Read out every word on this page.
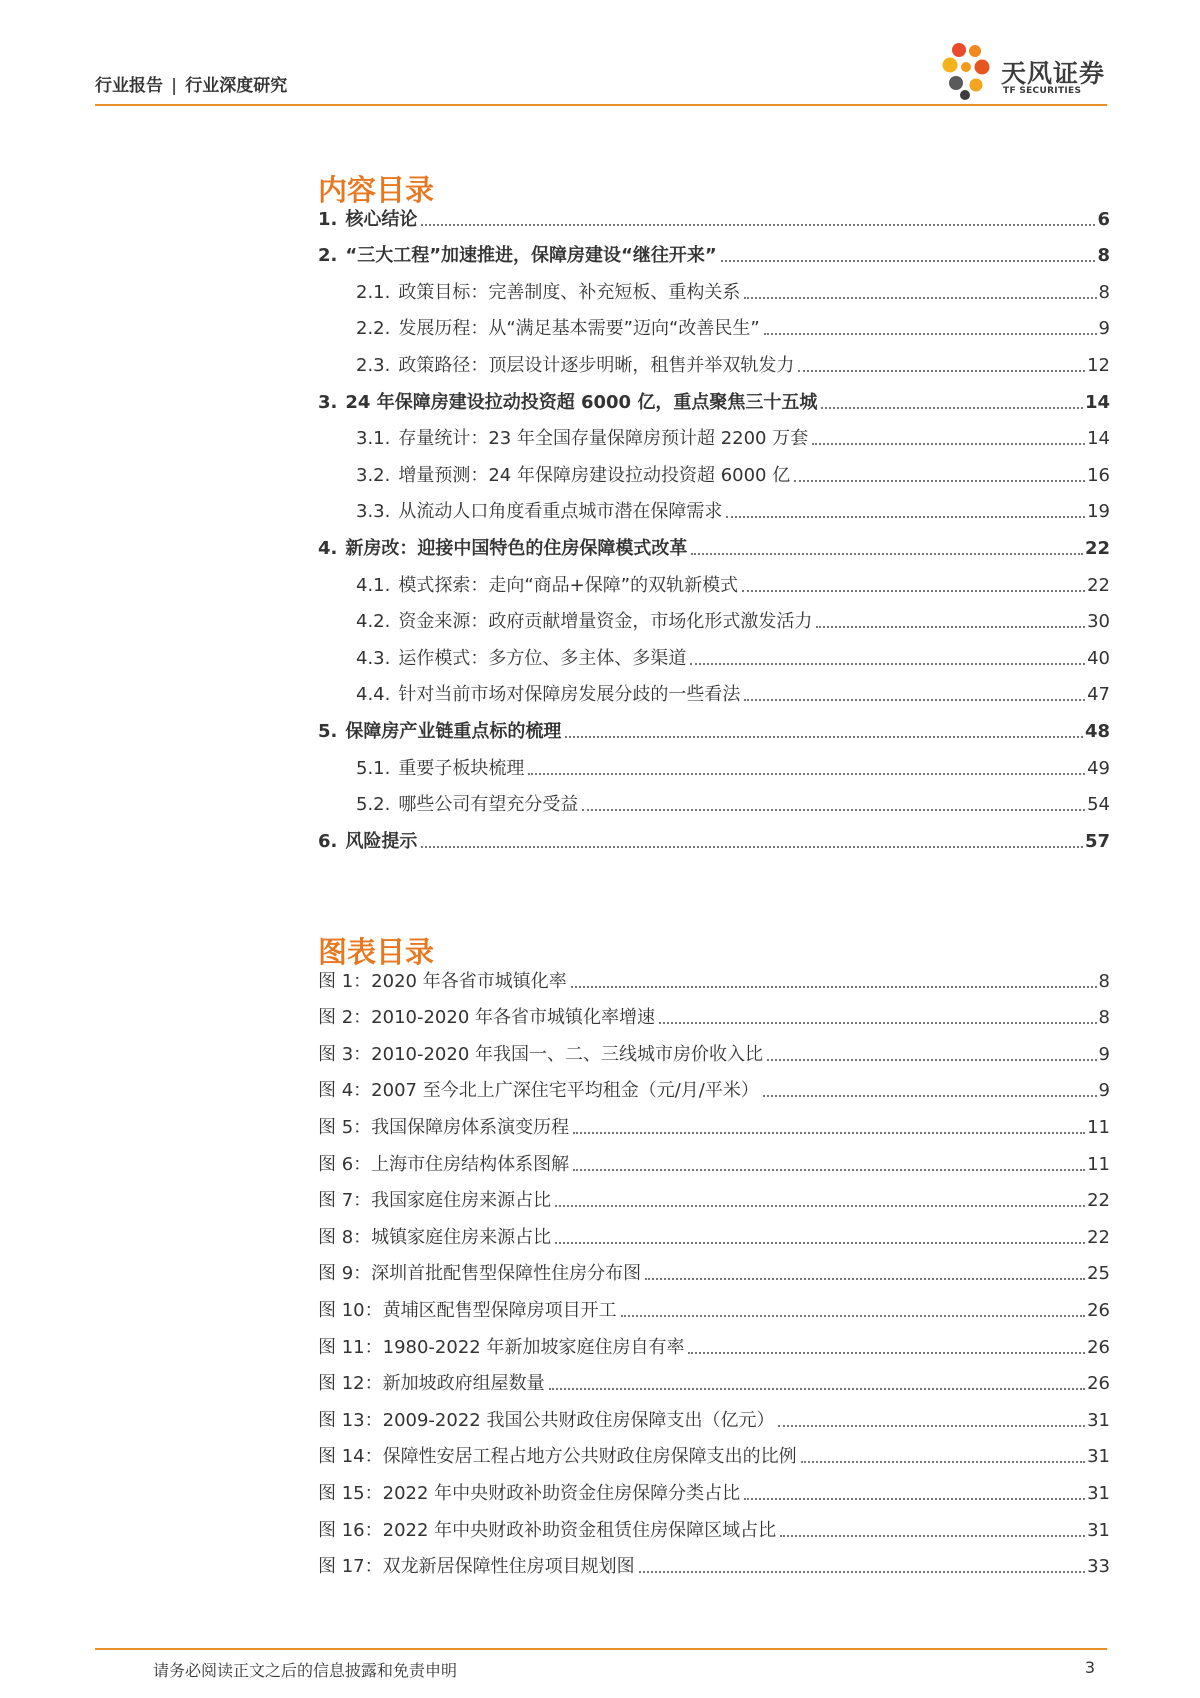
行业报告 | 行业深度研究	天风证券
TF SECURITIES
内容目录
1. 核心结论	6
2. “三大工程”加速推进，保障房建设“继往开来”	8
2.1. 政策目标：完善制度、补充短板、重构关系	8
2.2. 发展历程：从“满足基本需要”迈向“改善民生”	9
2.3. 政策路径：顶层设计逐步明晰，租售并举双轨发力	12
3. 24 年保障房建设拉动投资超 6000 亿，重点聚焦三十五城	14
3.1. 存量统计：23 年全国存量保障房预计超 2200 万套	14
3.2. 增量预测：24 年保障房建设拉动投资超 6000 亿	16
3.3. 从流动人口角度看重点城市潜在保障需求	19
4. 新房改：迎接中国特色的住房保障模式改革	22
4.1. 模式探索：走向“商品+保障”的双轨新模式	22
4.2. 资金来源：政府贡献增量资金，市场化形式激发活力	30
4.3. 运作模式：多方位、多主体、多渠道	40
4.4. 针对当前市场对保障房发展分歧的一些看法	47
5. 保障房产业链重点标的梳理	48
5.1. 重要子板块梳理	49
5.2. 哪些公司有望充分受益	54
6. 风险提示	57
图表目录
图 1：2020 年各省市城镇化率	8
图 2：2010-2020 年各省市城镇化率增速	8
图 3：2010-2020 年我国一、二、三线城市房价收入比	9
图 4：2007 至今北上广深住宅平均租金（元/月/平米）	9
图 5：我国保障房体系演变历程	11
图 6：上海市住房结构体系图解	11
图 7：我国家庭住房来源占比	22
图 8：城镇家庭住房来源占比	22
图 9：深圳首批配售型保障性住房分布图	25
图 10：黄埔区配售型保障房项目开工	26
图 11：1980-2022 年新加坡家庭住房自有率	26
图 12：新加坡政府组屋数量	26
图 13：2009-2022 我国公共财政住房保障支出（亿元）	31
图 14：保障性安居工程占地方公共财政住房保障支出的比例	31
图 15：2022 年中央财政补助资金住房保障分类占比	31
图 16：2022 年中央财政补助资金租赁住房保障区域占比	31
图 17：双龙新居保障性住房项目规划图	33
请务必阅读正文之后的信息披露和免责申明	3
